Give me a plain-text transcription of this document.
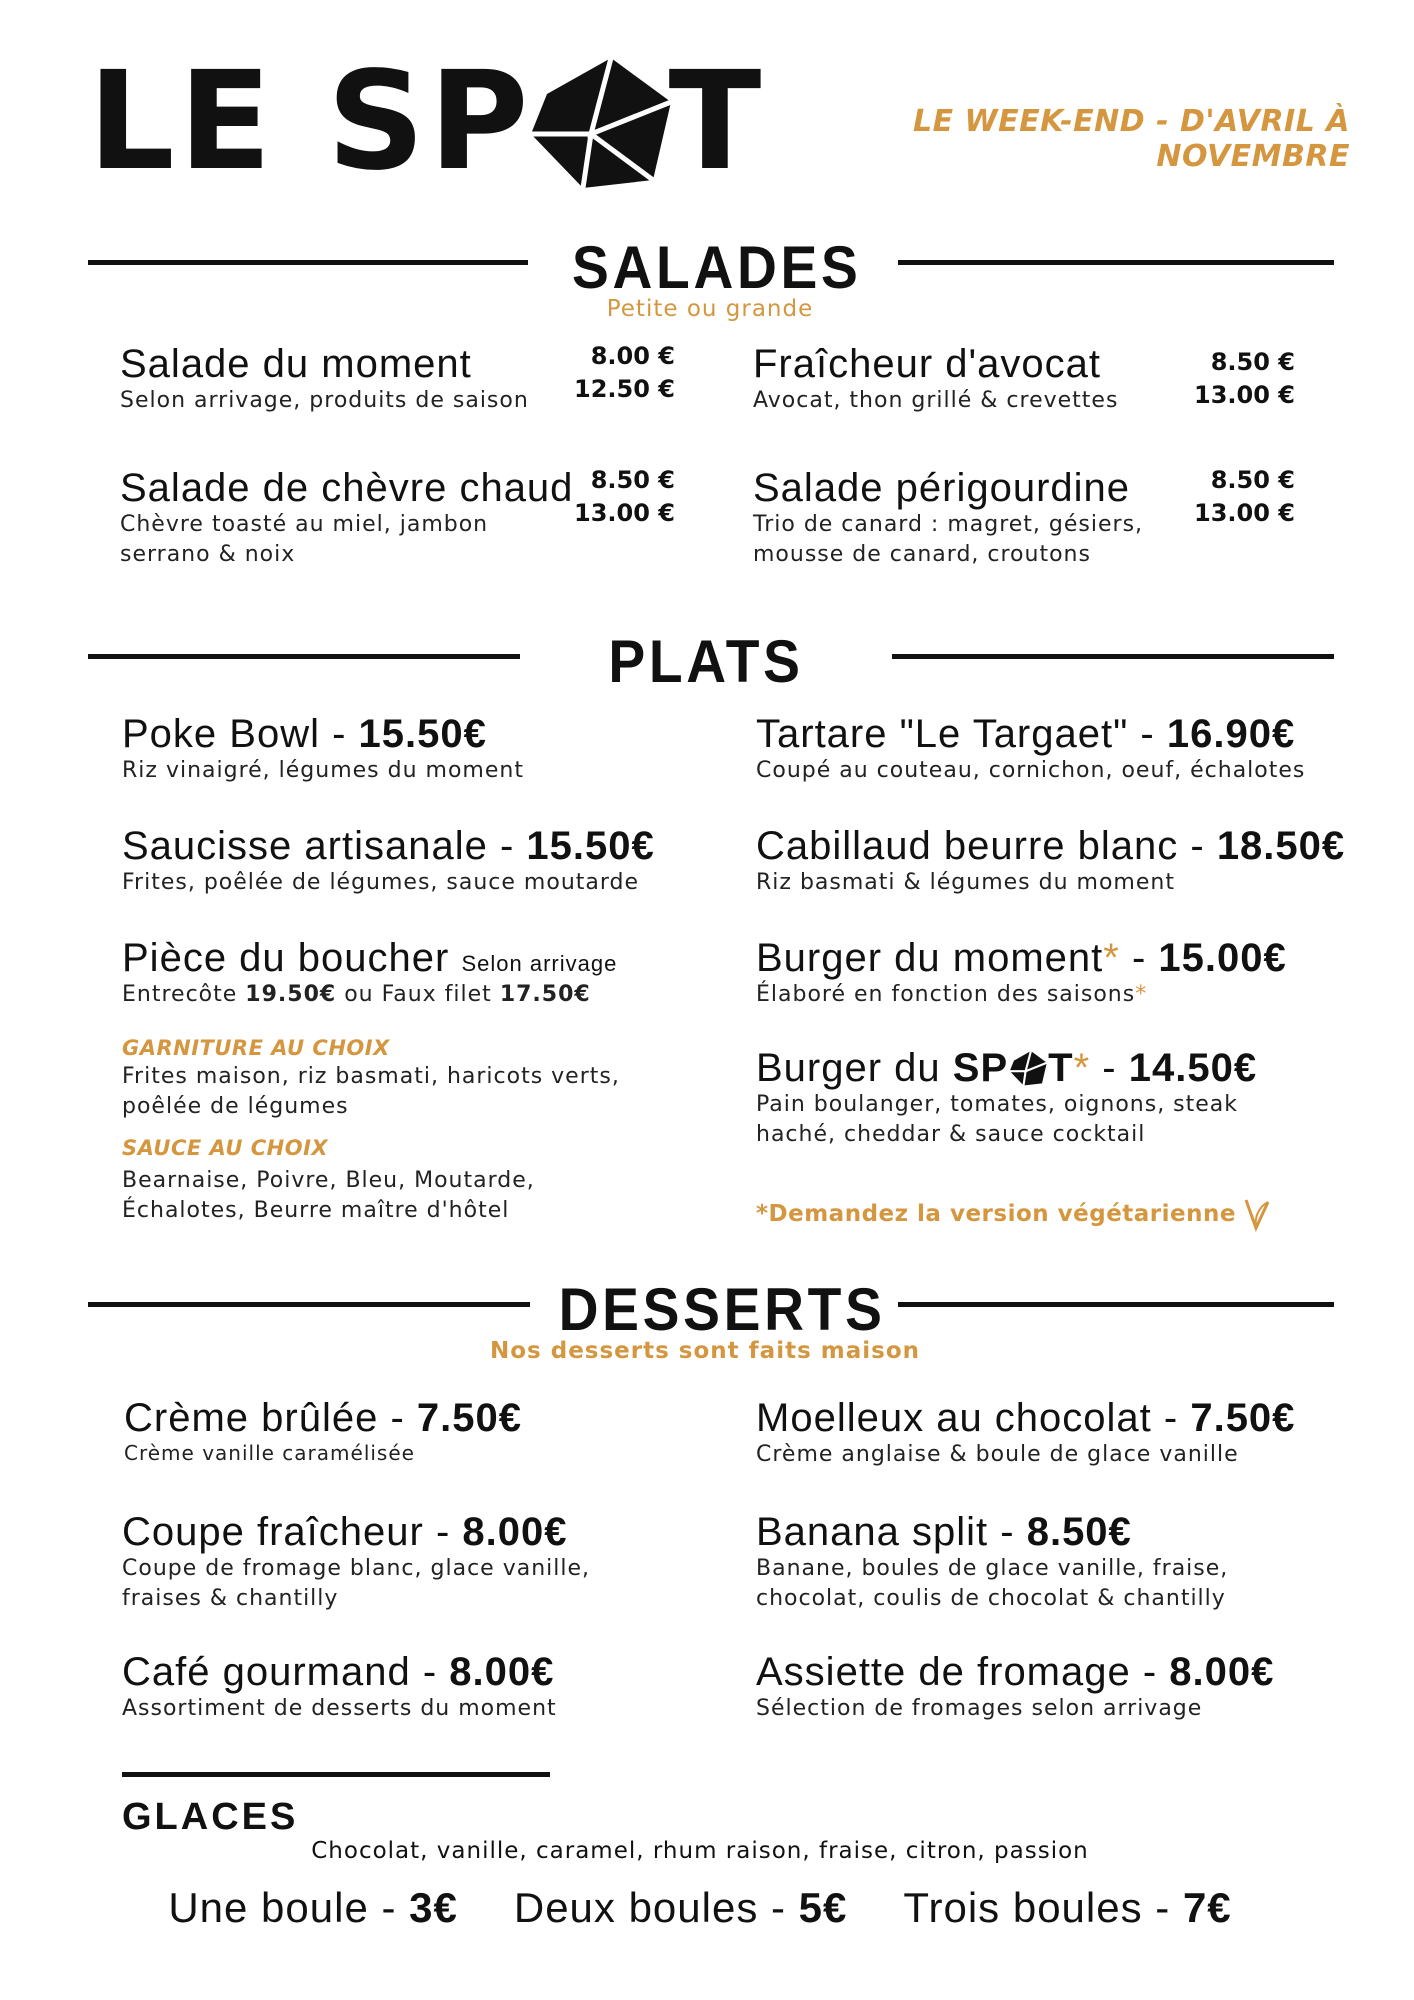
LE SP T	LE WEEK-END - D'AVRIL À NOVEMBRE
SALADES
Petite ou grande
Salade du moment
Selon arrivage, produits de saison
8.00 €
12.50 €
Fraîcheur d'avocat
Avocat, thon grillé & crevettes
8.50 €
13.00 €
Salade de chèvre chaud
Chèvre toasté au miel, jambon
serrano & noix
8.50 €
13.00 €
Salade périgourdine
Trio de canard : magret, gésiers,
mousse de canard, croutons
8.50 €
13.00 €
PLATS
Poke Bowl - 15.50€
Riz vinaigré, légumes du moment
Tartare "Le Targaet" - 16.90€
Coupé au couteau, cornichon, oeuf, échalotes
Saucisse artisanale - 15.50€
Frites, poêlée de légumes, sauce moutarde
Cabillaud beurre blanc - 18.50€
Riz basmati & légumes du moment
Pièce du boucher Selon arrivage
Entrecôte 19.50€ ou Faux filet 17.50€
Burger du moment* - 15.00€
Élaboré en fonction des saisons*
GARNITURE AU CHOIX
Frites maison, riz basmati, haricots verts,
poêlée de légumes
SAUCE AU CHOIX
Bearnaise, Poivre, Bleu, Moutarde,
Échalotes, Beurre maître d'hôtel
Burger du
SP T * - 14.50€
Pain boulanger, tomates, oignons, steak
haché, cheddar & sauce cocktail
*Demandez la version végétarienne
DESSERTS
Nos desserts sont faits maison
Crème brûlée - 7.50€
Crème vanille caramélisée
Moelleux au chocolat - 7.50€
Crème anglaise & boule de glace vanille
Coupe fraîcheur - 8.00€
Coupe de fromage blanc, glace vanille,
fraises & chantilly
Banana split - 8.50€
Banane, boules de glace vanille, fraise,
chocolat, coulis de chocolat & chantilly
Café gourmand - 8.00€
Assortiment de desserts du moment
Assiette de fromage - 8.00€
Sélection de fromages selon arrivage
GLACES
Chocolat, vanille, caramel, rhum raison, fraise, citron, passion
Une boule - 3€ Deux boules - 5€ Trois boules - 7€
